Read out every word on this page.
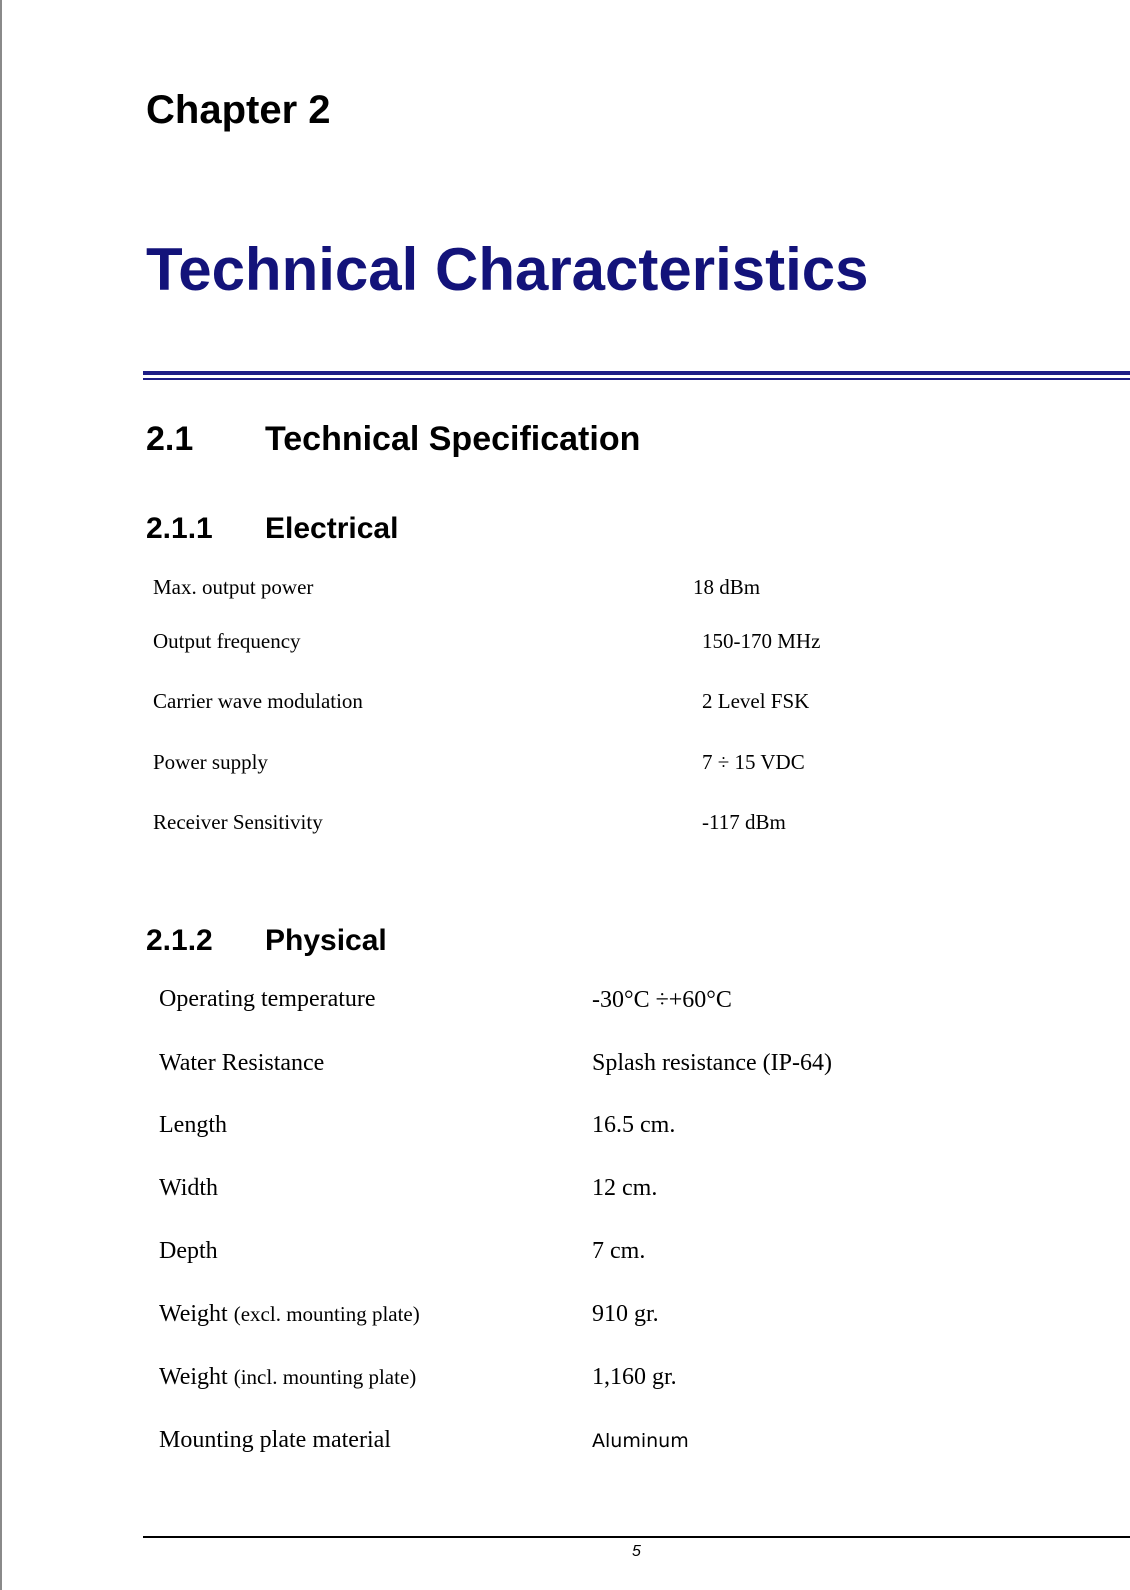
Chapter 2
Technical Characteristics
2.1 Technical Specification
2.1.1 Electrical
Max. output power	18 dBm
Output frequency	150-170 MHz
Carrier wave modulation	2 Level FSK
Power supply	7 ÷ 15 VDC
Receiver Sensitivity	-117 dBm
2.1.2 Physical
Operating temperature	-30°C ÷+60°C
Water Resistance	Splash resistance (IP-64)
Length	16.5 cm.
Width	12 cm.
Depth	7 cm.
Weight (excl. mounting plate)	910 gr.
Weight (incl. mounting plate)	1,160 gr.
Mounting plate material	Aluminum
5
